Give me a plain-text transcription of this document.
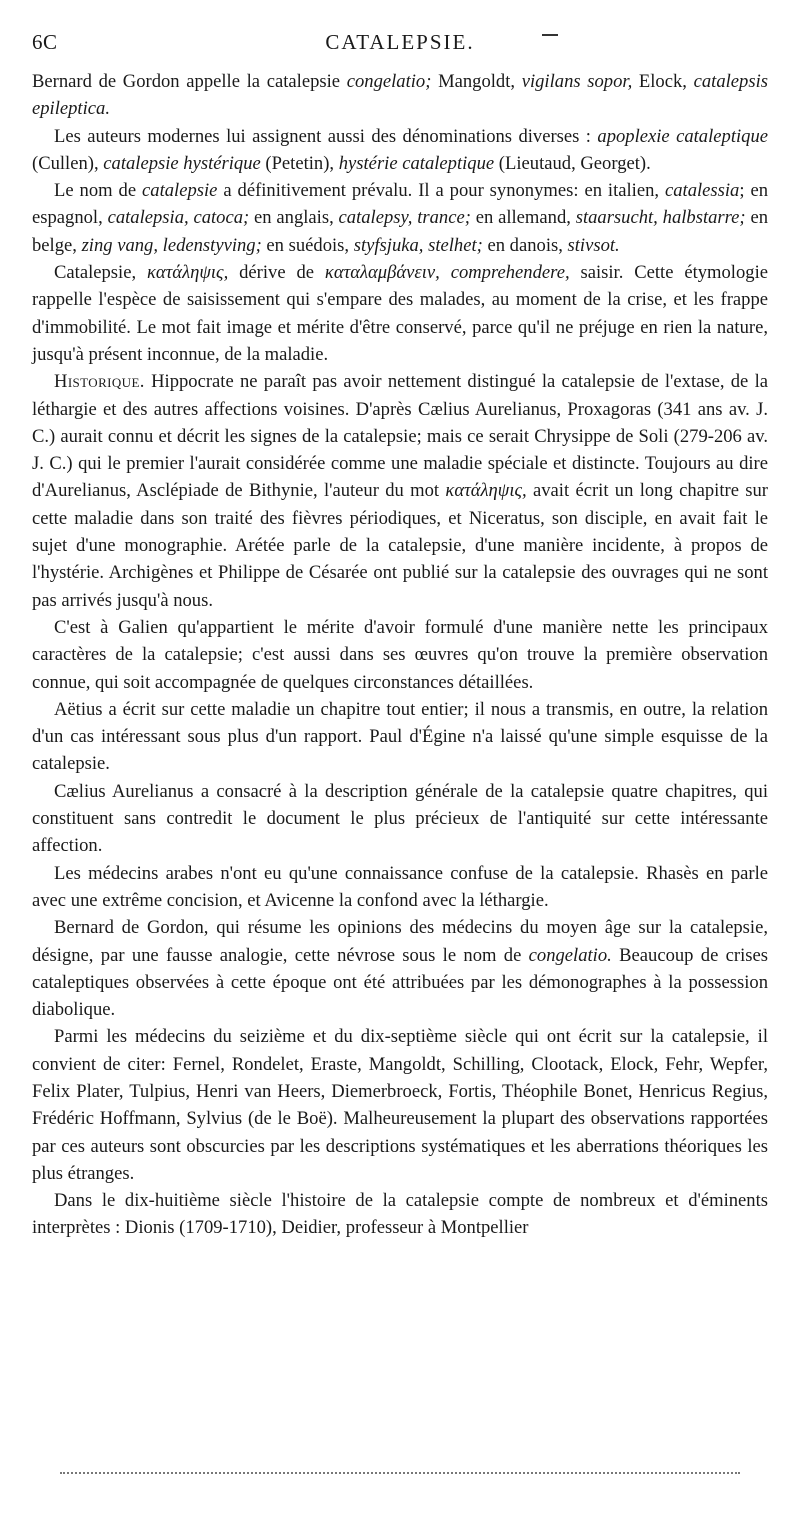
6C	CATALEPSIE.

Bernard de Gordon appelle la catalepsie congelatio; Mangoldt, vigilans sopor, Elock, catalepsis epileptica.

Les auteurs modernes lui assignent aussi des dénominations diverses : apoplexie cataleptique (Cullen), catalepsie hystérique (Petetin), hystérie cataleptique (Lieutaud, Georget).

Le nom de catalepsie a définitivement prévalu. Il a pour synonymes: en italien, catalessia; en espagnol, catalepsia, catoca; en anglais, catalepsy, trance; en allemand, staarsucht, halbstarre; en belge, zing vang, ledenstyving; en suédois, styfsjuka, stelhet; en danois, stivsot.

Catalepsie, κατάληψις, dérive de καταλαμβάνειν, comprehendere, saisir. Cette étymologie rappelle l'espèce de saisissement qui s'empare des malades, au moment de la crise, et les frappe d'immobilité. Le mot fait image et mérite d'être conservé, parce qu'il ne préjuge en rien la nature, jusqu'à présent inconnue, de la maladie.

Historique. Hippocrate ne paraît pas avoir nettement distingué la catalepsie de l'extase, de la léthargie et des autres affections voisines. D'après Cælius Aurelianus, Proxagoras (341 ans av. J. C.) aurait connu et décrit les signes de la catalepsie; mais ce serait Chrysippe de Soli (279-206 av. J. C.) qui le premier l'aurait considérée comme une maladie spéciale et distincte. Toujours au dire d'Aurelianus, Asclépiade de Bithynie, l'auteur du mot κατάληψις, avait écrit un long chapitre sur cette maladie dans son traité des fièvres périodiques, et Niceratus, son disciple, en avait fait le sujet d'une monographie. Arétée parle de la catalepsie, d'une manière incidente, à propos de l'hystérie. Archigènes et Philippe de Césarée ont publié sur la catalepsie des ouvrages qui ne sont pas arrivés jusqu'à nous.

C'est à Galien qu'appartient le mérite d'avoir formulé d'une manière nette les principaux caractères de la catalepsie; c'est aussi dans ses œuvres qu'on trouve la première observation connue, qui soit accompagnée de quelques circonstances détaillées.

Aëtius a écrit sur cette maladie un chapitre tout entier; il nous a transmis, en outre, la relation d'un cas intéressant sous plus d'un rapport. Paul d'Égine n'a laissé qu'une simple esquisse de la catalepsie.

Cælius Aurelianus a consacré à la description générale de la catalepsie quatre chapitres, qui constituent sans contredit le document le plus précieux de l'antiquité sur cette intéressante affection.

Les médecins arabes n'ont eu qu'une connaissance confuse de la catalepsie. Rhasès en parle avec une extrême concision, et Avicenne la confond avec la léthargie.

Bernard de Gordon, qui résume les opinions des médecins du moyen âge sur la catalepsie, désigne, par une fausse analogie, cette névrose sous le nom de congelatio. Beaucoup de crises cataleptiques observées à cette époque ont été attribuées par les démonographes à la possession diabolique.

Parmi les médecins du seizième et du dix-septième siècle qui ont écrit sur la catalepsie, il convient de citer: Fernel, Rondelet, Eraste, Mangoldt, Schilling, Clootack, Elock, Fehr, Wepfer, Felix Plater, Tulpius, Henri van Heers, Diemerbroeck, Fortis, Théophile Bonet, Henricus Regius, Frédéric Hoffmann, Sylvius (de le Boë). Malheureusement la plupart des observations rapportées par ces auteurs sont obscurcies par les descriptions systématiques et les aberrations théoriques les plus étranges.

Dans le dix-huitième siècle l'histoire de la catalepsie compte de nombreux et d'éminents interprètes : Dionis (1709-1710), Deidier, professeur à Montpellier
